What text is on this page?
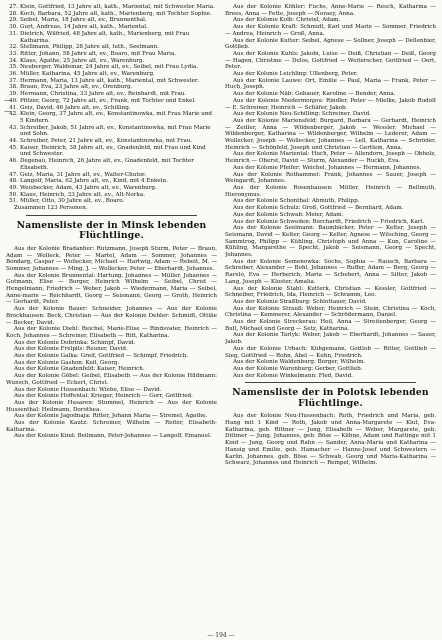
—
—
27. Klein, Gottfried, 13 Jahre alt, kath., Mariental, mit Schwester Maria.
28. Koch, Barbara, 52 Jahre alt, kath., Marienberg, mit Tochter Sophie.
29. Seibel, Maria, 18 Jahre alt, ev., Brunnenthal.
30. Gurt, Andreas, 14 Jahre alt, kath., Mariental.
31. Dietrich, Wilfried, 48 Jahre alt, kath., Marienberg, mit Frau Katharina.
32. Stellmann, Philipp, 28 Jahre alt, luth., Seelmann.
33. Ritter, Johann, 58 Jahre alt, ev., Boaro, mit Frau Maria.
34. Klaus, Agathe, 25 Jahre alt, ev., Warenburg.
35. Neuberger, Waldemar, 24 Jahre alt, ev., Seibel, mit Frau Lydia.
36. Müller, Katharina, 45 Jahre alt, ev., Warenburg.
37. Hermann, Maria, 13 Jahre alt, kath., Mariental, mit Schwester.
38. Braun, Eva, 23 Jahre alt, ev., Orenburg.
39. Hermann, Christina, 33 Jahre alt, ev., Reinhardt, mit Frau.
40. Pfitzer, Georg, 72 Jahre alt, ev., Frank, mit Tochter und Enkel.
41. Geiz, David, 46 Jahre alt, ev., Schilling.
42. Klein, Georg, 37 Jahre alt, ev., Konstantinowka, mit Frau Marie und 5 Kindern.
43. Schreiber, Jakob, 51 Jahre alt, ev., Konstantinowka, mit Frau Marie und Sohn.
44. Schreiber, Peter, 21 Jahre alt, ev., Konstantinowka, mit Frau.
45. Kaiser, Heinrich, 38 Jahre alt, ev., Gnadenfeld, mit Frau und Kind und Schwester.
46. Degenau, Heinrich, 26 Jahre alt, ev., Gnadenfeld, mit Tochter Elisabeth.
47. Geiz, Maria, 31 Jahre alt, ev., Walter-Chutor.
48. Langolf, Maria, 62 Jahre alt, ev., Kind, mit 4 Enkeln.
49. Weisbecker, Adam, 43 Jahre alt, ev., Warenburg.
50. Klaus, Heinrich, 33 Jahre alt, ev., Alt-Norka.
51. Müller, Otto, 30 Jahre alt, ev., Boaro.

Zusammen 123 Personen.

Namensliste der in Minsk lebenden Flüchtlinge.

Aus der Kolonie Bradanher: Rutzmann, Joseph Sturm, Peter — Braun, Adam — Wolleck, Peter — Martel, Adam — Sommer, Johannes — Bondarg, Caspar — Wollecker, Michael — Hartwig, Adam — Rebelt, M. — Sommer, Johannes — Ming, J. — Wollecker, Peter — Eberhardt, Johannes.

Aus der Kolonie Brunnental: Hartung, Johannes — Müller, Johannes — Gutmann, Elise — Borger, Heinrich Wilhelm — Seibel, Christ — Hengelmann, Friedrich — Weber, Jakob — Wiedermann, Maria — Seibel, Anne-marie — Reichhardt, Georg — Seismann, Georg — Groth, Heinrich — Gerhardt, Peter.

Aus der Kolonie Bauer: Schneider, Johannes — Aus der Kolonie Brockhausen: Beck, Christian — Aus der Kolonie Dehler: Schmidt, Ottilie — Becker, David.

Aus der Kolonie Diehl: Reichel, Marie-Elise — Rindsvater, Heinrich — Koch, Johannes — Schreiner, Elisabeth — Ritt, Katharina.

Aus der Kolonie Dobrinka: Schimpf, David.

Aus der Kolonie Frelpils: Reuner, David.

Aus der Kolonie Galka: Greif, Gottfried — Schimpf, Friedrich.

Aus der Kolonie Gashon: Keil, Georg.

Aus der Kolonie Gnadenfeld: Kaiser, Heinrich.

Aus der Kolonie Göbel: Geibel, Elisabeth — Aus der Kolonie Hildmann: Wunsch, Gottfried — Eckert, Christ.

Aus der Kolonie Hussenbach: Wiebe, Elise — David.

Aus der Kolonie Hoffental: Krieger, Heinrich — Gorr, Gottfried.

Aus der Kolonie Husaren: Stummel, Heinrich — Aus der Kolonie Hussenthal: Heilmann, Dorothea.

Aus der Kolonie Jagodnaja: Ritter, Johann Maria — Stremel, Agathe.

Aus der Kolonie Kautz: Schreiner, Wilhelm — Reiter, Elisabeth-Katharina.

Aus der Kolonie Kind: Beilmann, Peter-Johannes — Langolf, Emanuel.

Aus der Kolonie Köhler: Fuchs, Anne-Marie — Resch, Katharina — Brees, Anna — Fette, Joseph — Noraey, Anna.

Aus der Kolonie Kolb: Christel, Adam.

Aus der Kolonie Kraft: Schmidt, Karl und Marie — Sommer, Friedrich — Andrea, Heinrich — Groß, Anna.

Aus der Kolonie Kutter: Seibel, Agnese — Sollner, Joseph — Dellenbier, Gottlieb.

Aus der Kolonie Kuhls: Jakobi, Luise — Deiß, Christian — Deiß, Georg — Hagen, Christine — Delos, Gottfried — Weiterscher, Gottfried — Oert, Peter.

Aus der Kolonie Leichling: Ullenberg, Peter.

Aus der Kolonie Lauwe: Ort, Emilie — Paul, Maria — Frank, Peter — Huch, Joseph.

Aus der Kolonie Näb: Gebauer, Karoline — Bender, Anna.

Aus der Kolonie Niedermonjou: Rindler, Peter — Mielke, Jakob Rudolf — E. Schreiner, Heinrich — Schäfer, Jakob.

Aus der Kolonie Neu-Schilling: Schreiner, David.

Aus der Kolonie Mariensfeld: Burgard, Barbara — Gerhardt, Heinrich — Zeitler, Anna — Wildenberger, Jakob — Wessler, Michael — Wildenberger, Katharina — Wildenberger, Wilhelm — Lederer, Adam — Wollecker, Joseph — Wollecker, Johannes — Lell, Katharina — Schröder, Heinrich — Schönfeld, Joseph und Christian — Gertlein, Anna.

Aus der Kolonie Mariental: Huch, Peter — Allendorn, Joseph — Obholz, Heinrich — Oberst, David — Sturm, Alexander — Ruckh, Eva.

Aus der Kolonie Pfeifer: Weichel, Johannes — Hermann, Johannes.

Aus der Kolonie Rothammel: Frank, Johannes — Sauer, Joseph — Weingardt, Johannes.

Aus der Kolonie Rosenhausen: Müller, Heinrich — Bellmuth, Hieronymus.

Aus der Kolonie Schonthal: Abmuth, Philipp.

Aus der Kolonie Schulz: Groß, Gottfried — Bernhard, Adam.

Aus der Kolonie Schwab: Meier, Adam.

Aus der Kolonie Schweden: Borchardt, Friedrich — Friedrich, Karl.

Aus der Kolonie Seelmann: Baumbäcker, Peter — Kelter, Joseph — Seismann, David — Kelter, Georg — Kelter, Agnese — Wilsching, Georg — Sammtrog, Philipp — Kühling, Christoph und Anna — Kun, Caroline — Kühling, Margarethe — Specht, Jakob — Seismann, Georg — Specht, Johannes.

Aus der Kolonie Semenowka: Sochs, Sophia — Rausch, Barbara — Schreiber, Alexander — Bohl, Johannes — Ruffer, Adam — Berg, Georg — Rarelo, Eva — Herberich, Maria — Schebert, Anna — Sitter, Jakob — Lang, Joseph — Kloster, Amalia.

Aus der Kolonie Stahl: Kutterk, Christian — Kessler, Gottfried — Schneiber, Friedrich, Ida, Heinrich — Schramm, Leo.

Aus der Kolonie Straßburg: Schlottauer, David.

Aus der Kolonie Strauß: Weber, Heinrich — Stein, Christina — Koch, Christina — Kemmerer, Alexander — Schrödermann, Daniel.

Aus der Kolonie Streckerau: Heil, Anna — Streitenberger, Georg — Bull, Michael und Georg — Setz, Katharina.

Aus der Kolonie Tarlyk: Weber, Jakob — Eberhardt, Johannes — Sauer, Jakob.

Aus der Kolonie Urbach: Kühgemann, Gottlob — Ritter, Gottlieb — Sieg, Gottfried — Rohn, Abel — Kuhn, Friedrich.

Aus der Kolonie Waldenburg: Borger, Wilhelm.

Aus der Kolonie Warenburg: Gerber, Gottlieb.

Aus der Kolonie Winkelmann: Fled, David.

Namensliste der in Polotsk lebenden Flüchtlinge.

Aus der Kolonie Neu-Hussenbach: Roth, Friedrich und Maria, geb. Hang mit 1 Kind — Roth, Jakob und Anna-Margarete — Klut, Eva-Katharina, geb. Rittner — Jung, Elisabeth — Weber, Margarete, geb. Dittmer — Jung, Johannes, geb. Böse — Kühne, Adam und Rattinge mit 1 Kind — Jung, Georg und Rahn — Sander, Anna-Maria und Katharina — Hansig und Emilie, geb. Hamacher — Hanns-Josef und Schwestern — Karlin, Johannes, geb. Böse — Schwab, Georg und Maria-Katharina — Schwarz, Johannes und Heinrich — Rempel, Wilhelm.

— 194 —
